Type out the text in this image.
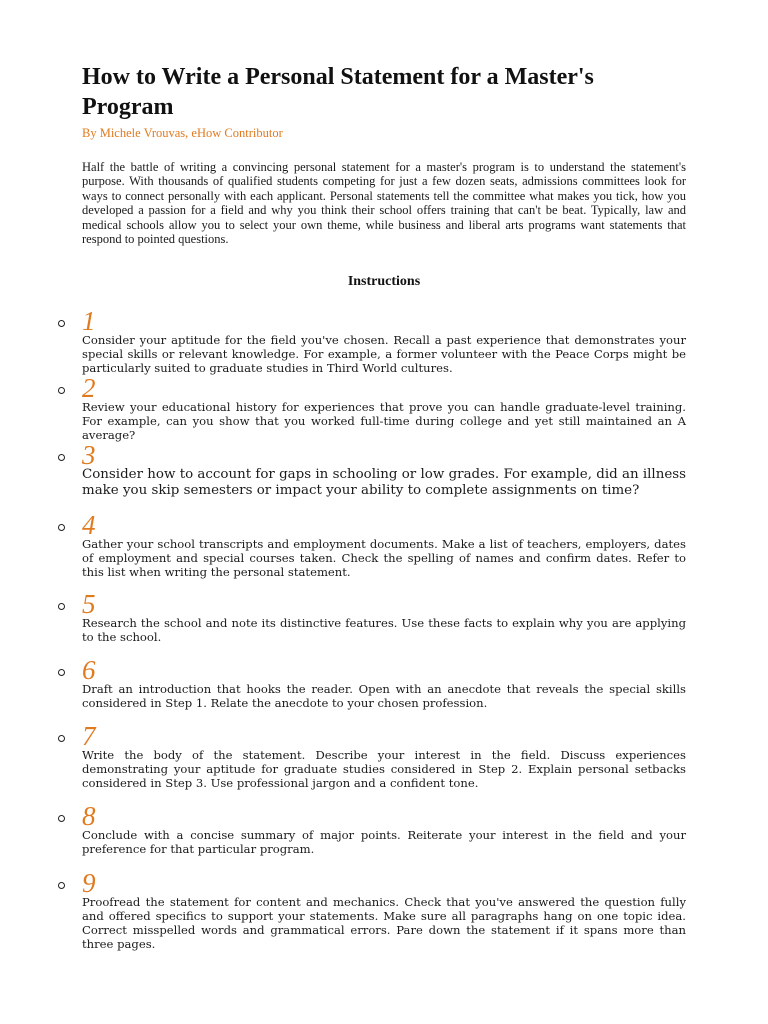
How to Write a Personal Statement for a Master's Program
By Michele Vrouvas, eHow Contributor

Half the battle of writing a convincing personal statement for a master's program is to understand the statement's purpose. With thousands of qualified students competing for just a few dozen seats, admissions committees look for ways to connect personally with each applicant. Personal statements tell the committee what makes you tick, how you developed a passion for a field and why you think their school offers training that can't be beat. Typically, law and medical schools allow you to select your own theme, while business and liberal arts programs want statements that respond to pointed questions.

Instructions
1

Consider your aptitude for the field you've chosen. Recall a past experience that demonstrates your special skills or relevant knowledge. For example, a former volunteer with the Peace Corps might be particularly suited to graduate studies in Third World cultures.

2

Review your educational history for experiences that prove you can handle graduate-level training. For example, can you show that you worked full-time during college and yet still maintained an A average?

3

Consider how to account for gaps in schooling or low grades. For example, did an illness make you skip semesters or impact your ability to complete assignments on time?

4

Gather your school transcripts and employment documents. Make a list of teachers, employers, dates of employment and special courses taken. Check the spelling of names and confirm dates. Refer to this list when writing the personal statement.

5

Research the school and note its distinctive features. Use these facts to explain why you are applying to the school.

6

Draft an introduction that hooks the reader. Open with an anecdote that reveals the special skills considered in Step 1. Relate the anecdote to your chosen profession.

7

Write the body of the statement. Describe your interest in the field. Discuss experiences demonstrating your aptitude for graduate studies considered in Step 2. Explain personal setbacks considered in Step 3. Use professional jargon and a confident tone.

8

Conclude with a concise summary of major points. Reiterate your interest in the field and your preference for that particular program.

9

Proofread the statement for content and mechanics. Check that you've answered the question fully and offered specifics to support your statements. Make sure all paragraphs hang on one topic idea. Correct misspelled words and grammatical errors. Pare down the statement if it spans more than three pages.
